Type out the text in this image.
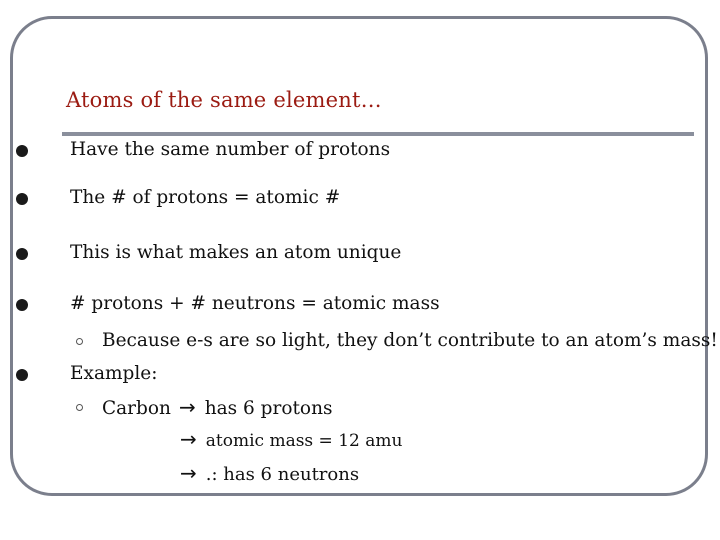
Atoms of the same element…
Have the same number of protons
The # of protons = atomic #
This is what makes an atom unique
# protons + # neutrons = atomic mass
Because e-s are so light, they don’t contribute to an atom’s mass!
Example:
Carbon → has 6 protons
→ atomic mass = 12 amu
→ .: has 6 neutrons
